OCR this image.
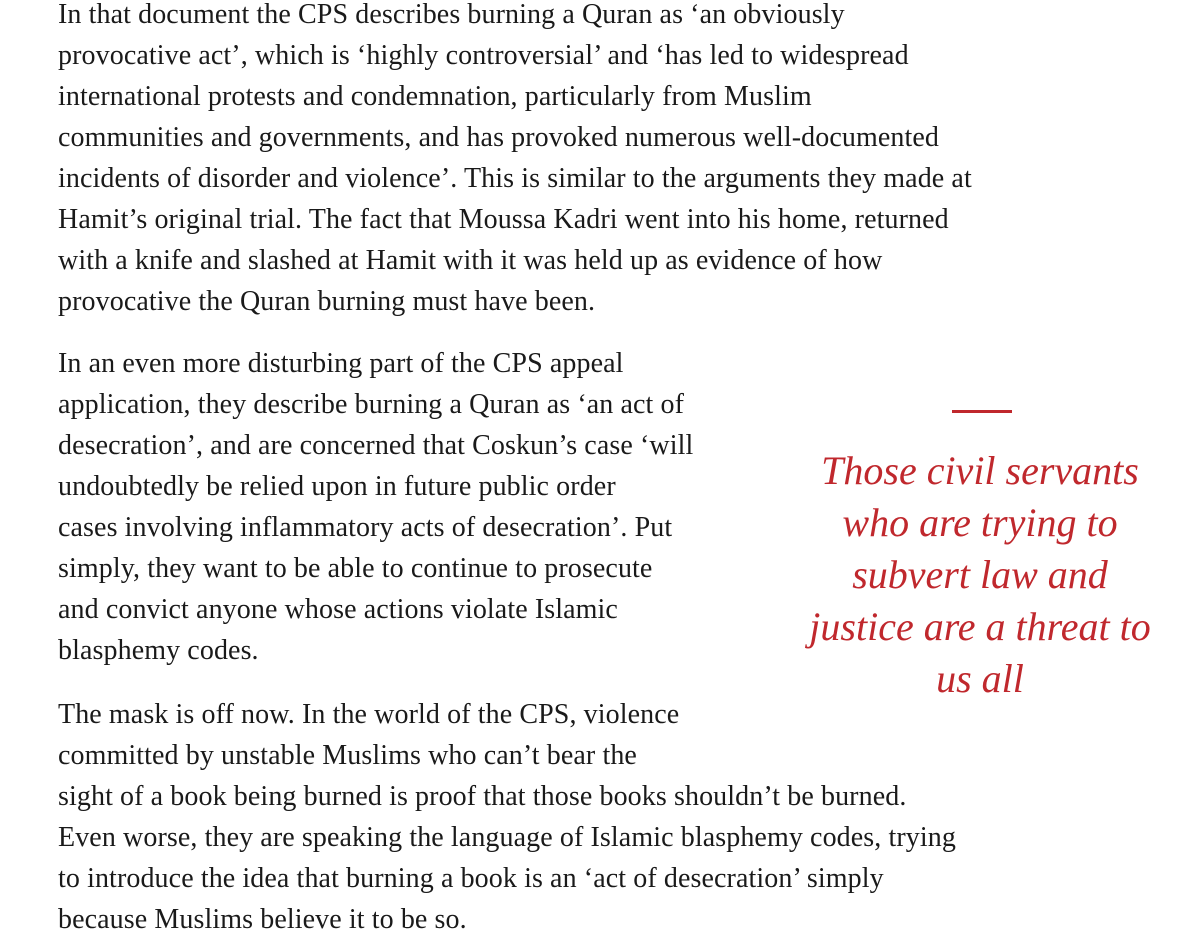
In that document the CPS describes burning a Quran as ‘an obviously

provocative act’, which is ‘highly controversial’ and ‘has led to widespread

international protests and condemnation, particularly from Muslim

communities and governments, and has provoked numerous well-documented

incidents of disorder and violence’. This is similar to the arguments they made at

Hamit’s original trial. The fact that Moussa Kadri went into his home, returned

with a knife and slashed at Hamit with it was held up as evidence of how

provocative the Quran burning must have been.

In an even more disturbing part of the CPS appeal

application, they describe burning a Quran as ‘an act of

desecration’, and are concerned that Coskun’s case ‘will

undoubtedly be relied upon in future public order

cases involving inflammatory acts of desecration’. Put

simply, they want to be able to continue to prosecute

and convict anyone whose actions violate Islamic

blasphemy codes.

The mask is off now. In the world of the CPS, violence

committed by unstable Muslims who can’t bear the

sight of a book being burned is proof that those books shouldn’t be burned.

Even worse, they are speaking the language of Islamic blasphemy codes, trying

to introduce the idea that burning a book is an ‘act of desecration’ simply

because Muslims believe it to be so.

Those civil servants
who are trying to
subvert law and
justice are a threat to
us all
